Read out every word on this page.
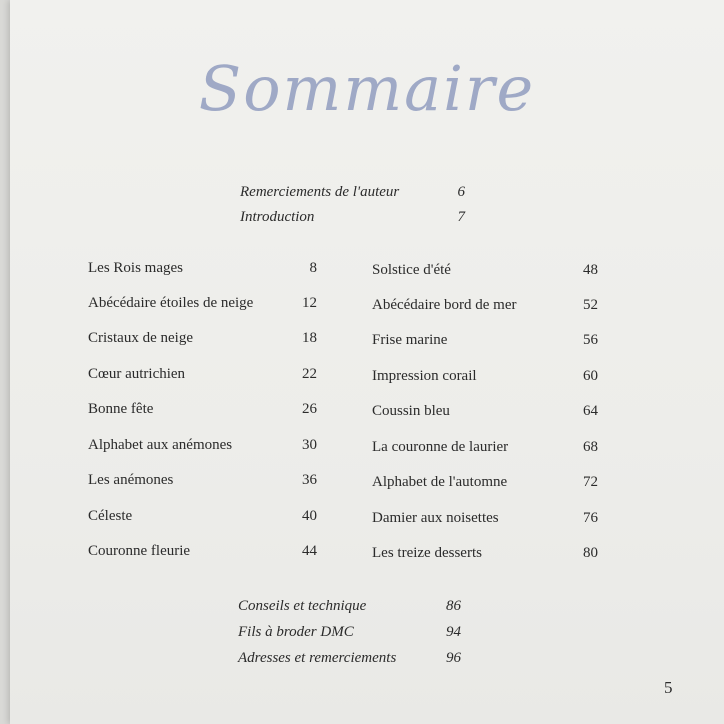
Sommaire
Remerciements de l'auteur	6
Introduction	7
Les Rois mages	8
Abécédaire étoiles de neige	12
Cristaux de neige	18
Cœur autrichien	22
Bonne fête	26
Alphabet aux anémones	30
Les anémones	36
Céleste	40
Couronne fleurie	44
Solstice d'été	48
Abécédaire bord de mer	52
Frise marine	56
Impression corail	60
Coussin bleu	64
La couronne de laurier	68
Alphabet de l'automne	72
Damier aux noisettes	76
Les treize desserts	80
Conseils et technique	86
Fils à broder DMC	94
Adresses et remerciements	96
5
